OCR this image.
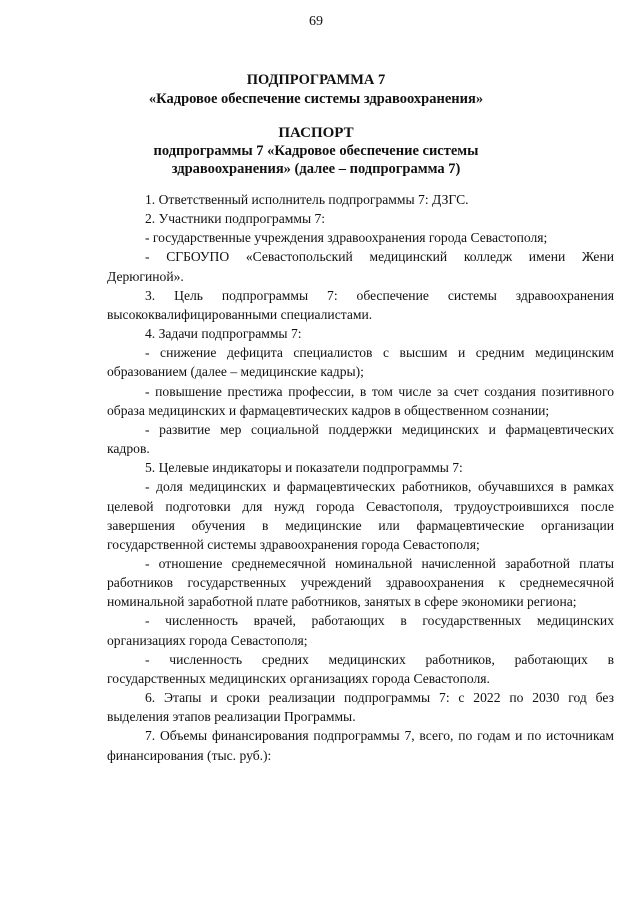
69
ПОДПРОГРАММА 7
«Кадровое обеспечение системы здравоохранения»
ПАСПОРТ
подпрограммы 7 «Кадровое обеспечение системы
здравоохранения» (далее – подпрограмма 7)

1. Ответственный исполнитель подпрограммы 7: ДЗГС.

2. Участники подпрограммы 7:

- государственные учреждения здравоохранения города Севастополя;

- СГБОУПО «Севастопольский медицинский колледж имени Жени Дерюгиной».

3. Цель подпрограммы 7: обеспечение системы здравоохранения высококвалифицированными специалистами.

4. Задачи подпрограммы 7:

- снижение дефицита специалистов с высшим и средним медицинским образованием (далее – медицинские кадры);

- повышение престижа профессии, в том числе за счет создания позитивного образа медицинских и фармацевтических кадров в общественном сознании;

- развитие мер социальной поддержки медицинских и фармацевтических кадров.

5. Целевые индикаторы и показатели подпрограммы 7:

- доля медицинских и фармацевтических работников, обучавшихся в рамках целевой подготовки для нужд города Севастополя, трудоустроившихся после завершения обучения в медицинские или фармацевтические организации государственной системы здравоохранения города Севастополя;

- отношение среднемесячной номинальной начисленной заработной платы работников государственных учреждений здравоохранения к среднемесячной номинальной заработной плате работников, занятых в сфере экономики региона;

- численность врачей, работающих в государственных медицинских организациях города Севастополя;

- численность средних медицинских работников, работающих в государственных медицинских организациях города Севастополя.

6. Этапы и сроки реализации подпрограммы 7: с 2022 по 2030 год без выделения этапов реализации Программы.

7. Объемы финансирования подпрограммы 7, всего, по годам и по источникам финансирования (тыс. руб.):
